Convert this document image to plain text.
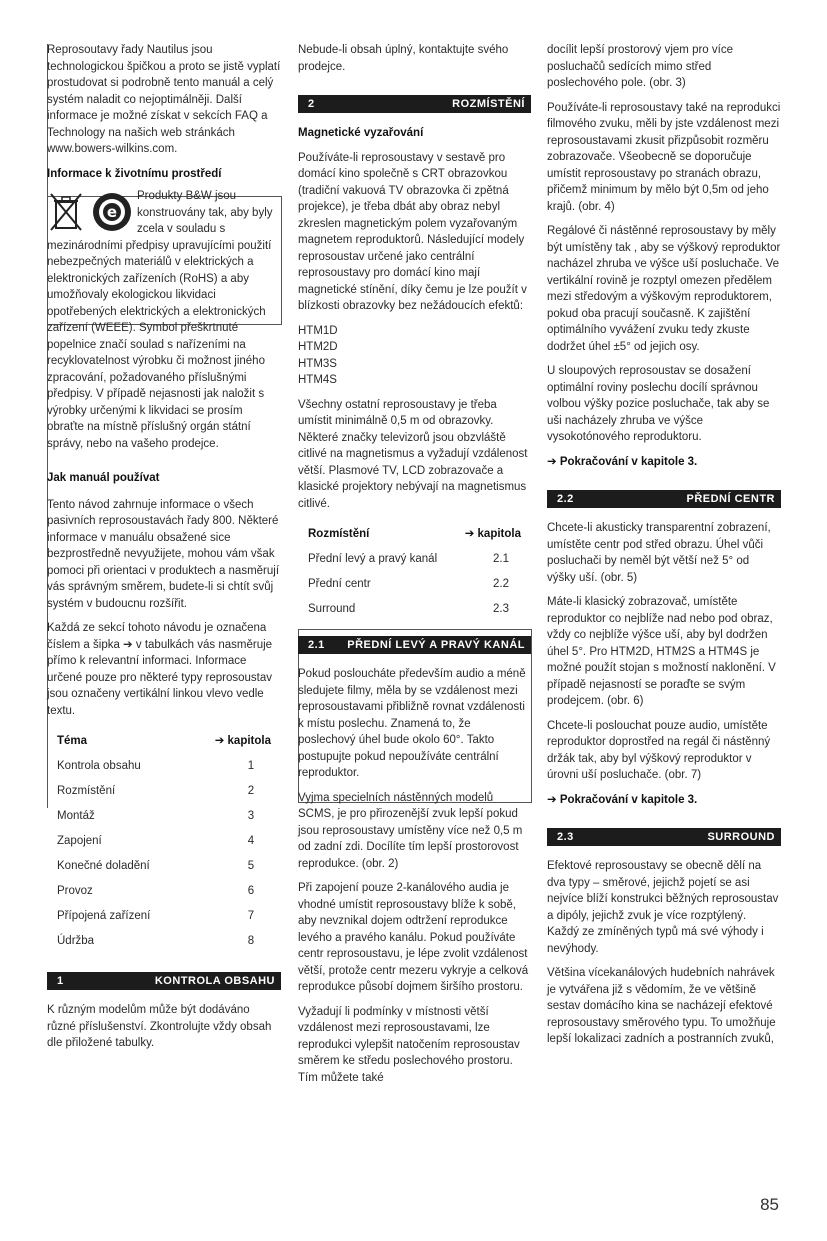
Reprosoutavy řady Nautilus jsou technologickou špičkou a proto se jistě vyplatí prostudovat si podrobně tento manuál a celý systém naladit co nejoptimálněji. Další informace je možné získat v sekcích FAQ a Technology na našich web stránkách www.bowers-wilkins.com.

Informace k životnímu prostředí
e
Produkty B&W jsou konstruovány tak, aby byly zcela v souladu s

mezinárodními předpisy upravujícími použití nebezpečných materiálů v elektrických a elektronických zařízeních (RoHS) a aby umožňovaly ekologickou likvidaci opotřebených elektrických a elektronických zařízení (WEEE). Symbol přeškrtnuté popelnice značí soulad s nařízeními na recyklovatelnost výrobku či možnost jiného zpracování, požadovaného příslušnými předpisy. V případě nejasnosti jak naložit s výrobky určenými k likvidaci se prosím obraťte na místně příslušný orgán státní správy, nebo na vašeho prodejce.

Jak manuál používat

Tento návod zahrnuje informace o všech pasivních reprosoustavách řady 800. Některé informace v manuálu obsažené sice bezprostředně nevyužijete, mohou vám však pomoci při orientaci v produktech a nasměrují vás správným směrem, budete-li si chtít svůj systém v budoucnu rozšířit.

Každá ze sekcí tohoto návodu je označena číslem a šipka ➔ v tabulkách vás nasměruje přímo k relevantní informaci. Informace určené pouze pro některé typy reprosoustav jsou označeny vertikální linkou vlevo vedle textu.

Téma	➔ kapitola
Kontrola obsahu	1
Rozmístění	2
Montáž	3
Zapojení	4
Konečné doladění	5
Provoz	6
Přípojená zařízení	7
Údržba	8
1	KONTROLA OBSAHU

K různým modelům může být dodáváno různé příslušenství. Zkontrolujte vždy obsah dle přiložené tabulky.

Nebude-li obsah úplný, kontaktujte svého prodejce.

2	ROZMÍSTĚNÍ
Magnetické vyzařování

Používáte-li reprosoustavy v sestavě pro domácí kino společně s CRT obrazovkou (tradiční vakuová TV obrazovka či zpětná projekce), je třeba dbát aby obraz nebyl zkreslen magnetickým polem vyzařovaným magnetem reproduktorů. Následující modely reprosoustav určené jako centrální reprosoustavy pro domácí kino mají magnetické stínění, díky čemu je lze použít v blízkosti obrazovky bez nežádoucích efektů:

HTM1D
HTM2D
HTM3S
HTM4S

Všechny ostatní reprosoustavy je třeba umístit minimálně 0,5 m od obrazovky. Některé značky televizorů jsou obzvláště citlivé na magnetismus a vyžadují vzdálenost větší. Plasmové TV, LCD zobrazovače a klasické projektory nebývají na magnetismus citlivé.

Rozmístění	➔ kapitola
Přední levý a pravý kanál	2.1
Přední centr	2.2
Surround	2.3
2.1 PŘEDNÍ LEVÝ A PRAVÝ KANÁL

Pokud posloucháte především audio a méně sledujete filmy, měla by se vzdálenost mezi reprosoustavami přibližně rovnat vzdálenosti k místu poslechu. Znamená to, že poslechový úhel bude okolo 60°. Takto postupujte pokud nepoužíváte centrální reproduktor.

Vyjma specielních nástěnných modelů SCMS, je pro přirozenější zvuk lepší pokud jsou reprosoustavy umístěny více než 0,5 m od zadní zdi. Docílíte tím lepší prostorovost reprodukce. (obr. 2)

Při zapojení pouze 2-kanálového audia je vhodné umístit reprosoustavy blíže k sobě, aby nevznikal dojem odtržení reprodukce levého a pravého kanálu. Pokud používáte centr reprosoustavu, je lépe zvolit vzdálenost větší, protože centr mezeru vykryje a celková reprodukce působí dojmem širšího prostoru.

Vyžadují li podmínky v místnosti větší vzdálenost mezi reprosoustavami, lze reprodukci vylepšit natočením reprosoustav směrem ke středu poslechového prostoru. Tím můžete také

docílit lepší prostorový vjem pro více posluchačů sedících mimo střed poslechového pole. (obr. 3)

Používáte-li reprosoustavy také na reprodukci filmového zvuku, měli by jste vzdálenost mezi reprosoustavami zkusit přizpůsobit rozměru zobrazovače. Všeobecně se doporučuje umístit reprosoustavy po stranách obrazu, přičemž minimum by mělo být 0,5m od jeho krajů. (obr. 4)

Regálové či nástěnné reprosoustavy by měly být umístěny tak , aby se výškový reproduktor nacházel zhruba ve výšce uší posluchače. Ve vertikální rovině je rozptyl omezen předělem mezi středovým a výškovým reproduktorem, pokud oba pracují současně. K zajištění optimálního vyvážení zvuku tedy zkuste dodržet úhel ±5° od jejich osy.

U sloupových reprosoustav se dosažení optimální roviny poslechu docílí správnou volbou výšky pozice posluchače, tak aby se uši nacházely zhruba ve výšce vysokotónového reproduktoru.

➔ Pokračování v kapitole 3.
2.2	PŘEDNÍ CENTR

Chcete-li akusticky transparentní zobrazení, umístěte centr pod střed obrazu. Úhel vůči posluchači by neměl být větší než 5° od výšky uší. (obr. 5)

Máte-li klasický zobrazovač, umístěte reproduktor co nejblíže nad nebo pod obraz, vždy co nejblíže výšce uší, aby byl dodržen úhel 5°. Pro HTM2D, HTM2S a HTM4S je možné použít stojan s možností naklonění. V případě nejasností se poraďte se svým prodejcem. (obr. 6)

Chcete-li poslouchat pouze audio, umístěte reproduktor doprostřed na regál či nástěnný držák tak, aby byl výškový reproduktor v úrovni uší posluchače. (obr. 7)

➔ Pokračování v kapitole 3.
2.3	SURROUND

Efektové reprosoustavy se obecně dělí na dva typy – směrové, jejichž pojetí se asi nejvíce blíží konstrukci běžných reprosoustav a dipóly, jejichž zvuk je více rozptýlený. Každý ze zmíněných typů má své výhody i nevýhody.

Většina vícekanálových hudebních nahrávek je vytvářena již s vědomím, že ve většině sestav domácího kina se nacházejí efektové reprosoustavy směrového typu. To umožňuje lepší lokalizaci zadních a postranních zvuků,

85
